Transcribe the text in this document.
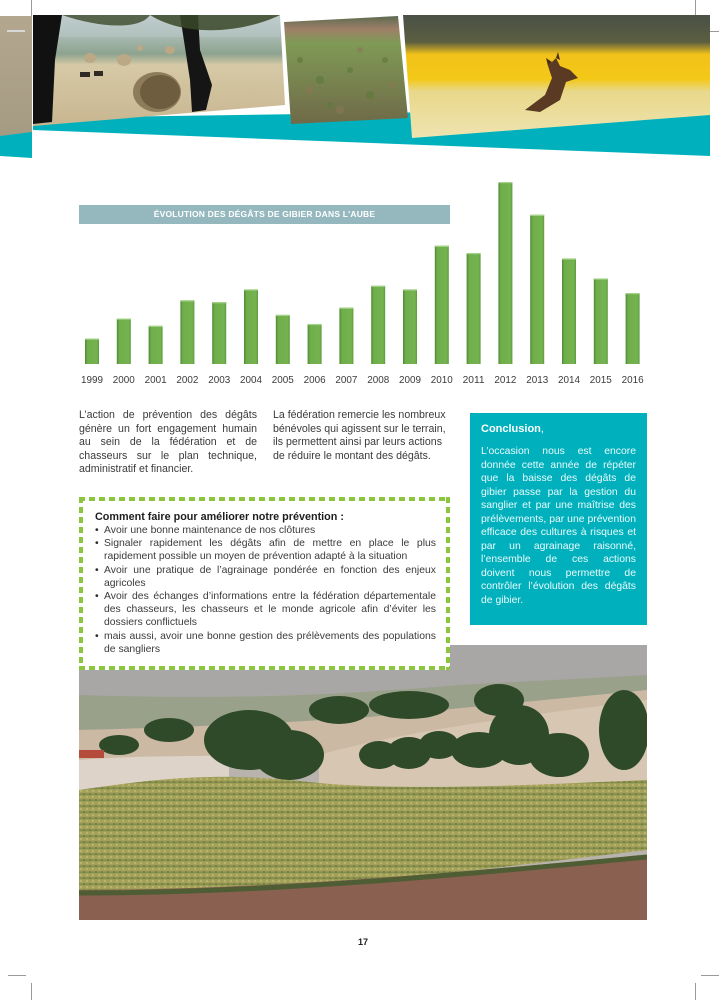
ÉVOLUTION DES DÉGÂTS DE GIBIER DANS L'AUBE
1999 2000 2001 2002 2003 2004 2005 2006 2007 2008 2009 2010 2011 2012 2013 2014 2015 2016
L’action de prévention des dégâts génère un fort engagement humain au sein de la fédération et de chasseurs sur le plan technique, administratif et financier.
La fédération remercie les nombreux bénévoles qui agissent sur le terrain, ils permettent ainsi par leurs actions de réduire le montant des dégâts.
Conclusion,
L’occasion nous est encore donnée cette année de répéter que la baisse des dégâts de gibier passe par la gestion du sanglier et par une maîtrise des prélèvements, par une prévention efficace des cultures à risques et par un agrainage raisonné, l’ensemble de ces actions doivent nous permettre de contrôler l’évolution des dégâts de gibier.
Comment faire pour améliorer notre prévention :
• Avoir une bonne maintenance de nos clôtures
• Signaler rapidement les dégâts afin de mettre en place le plus rapidement possible un moyen de prévention adapté à la situation
• Avoir une pratique de l’agrainage pondérée en fonction des enjeux agricoles
• Avoir des échanges d’informations entre la fédération départementale des chasseurs, les chasseurs et le monde agricole afin d’éviter les dossiers conflictuels
• mais aussi, avoir une bonne gestion des prélèvements des populations de sangliers
17
